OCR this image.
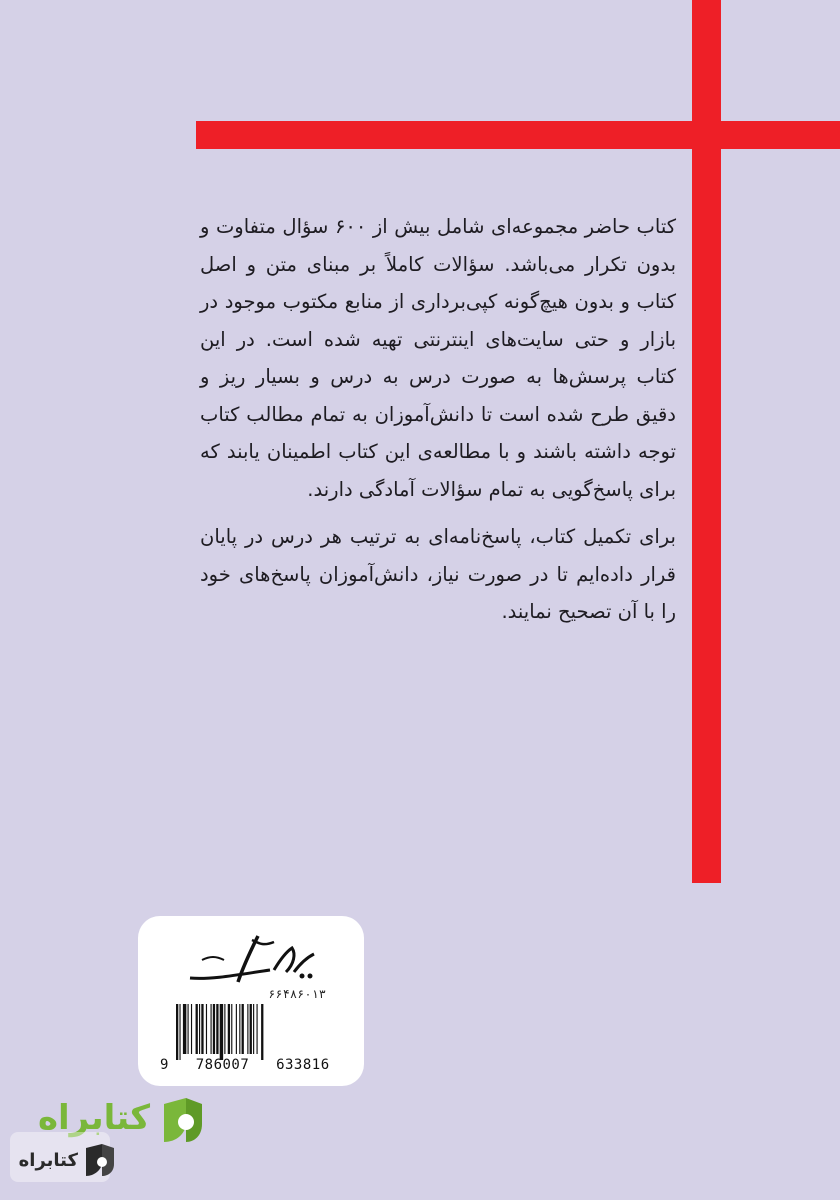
کتاب حاضر مجموعه‌ای شامل بیش از ۶۰۰ سؤال متفاوت و بدون تکرار می‌باشد. سؤالات کاملاً بر مبنای متن و اصل کتاب و بدون هیچ‌گونه کپی‌برداری از منابع مکتوب موجود در بازار و حتی سایت‌های اینترنتی تهیه شده است. در این کتاب پرسش‌ها به صورت درس به درس و بسیار ریز و دقیق طرح شده است تا دانش‌آموزان به تمام مطالب کتاب توجه داشته باشند و با مطالعه‌ی این کتاب اطمینان یابند که برای پاسخ‌گویی به تمام سؤالات آمادگی دارند.

برای تکمیل کتاب، پاسخ‌نامه‌ای به ترتیب هر درس در پایان قرار داده‌ایم تا در صورت نیاز، دانش‌آموزان پاسخ‌های خود را با آن تصحیح نمایند.

۶۶۴۸۶۰۱۳
9   786007   633816
کتابراه
کتابراه
